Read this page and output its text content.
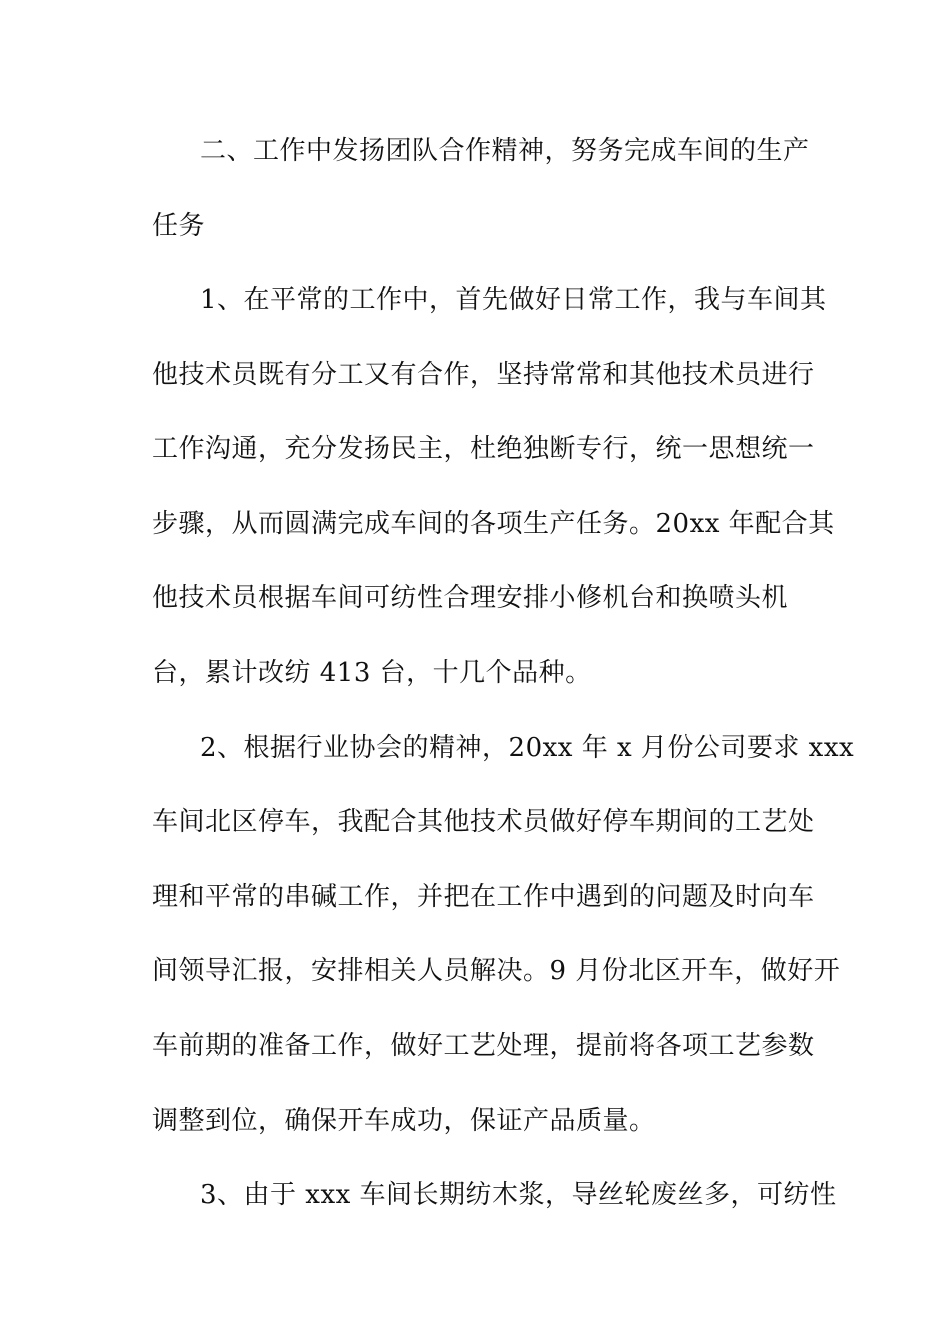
二、工作中发扬团队合作精神，努务完成车间的生产
任务
1、在平常的工作中，首先做好日常工作，我与车间其
他技术员既有分工又有合作，坚持常常和其他技术员进行
工作沟通，充分发扬民主，杜绝独断专行，统一思想统一
步骤，从而圆满完成车间的各项生产任务。20xx 年配合其
他技术员根据车间可纺性合理安排小修机台和换喷头机
台，累计改纺 413 台，十几个品种。
2、根据行业协会的精神，20xx 年 x 月份公司要求 xxx
车间北区停车，我配合其他技术员做好停车期间的工艺处
理和平常的串碱工作，并把在工作中遇到的问题及时向车
间领导汇报，安排相关人员解决。9 月份北区开车，做好开
车前期的准备工作，做好工艺处理，提前将各项工艺参数
调整到位，确保开车成功，保证产品质量。
3、由于 xxx 车间长期纺木浆，导丝轮废丝多，可纺性
